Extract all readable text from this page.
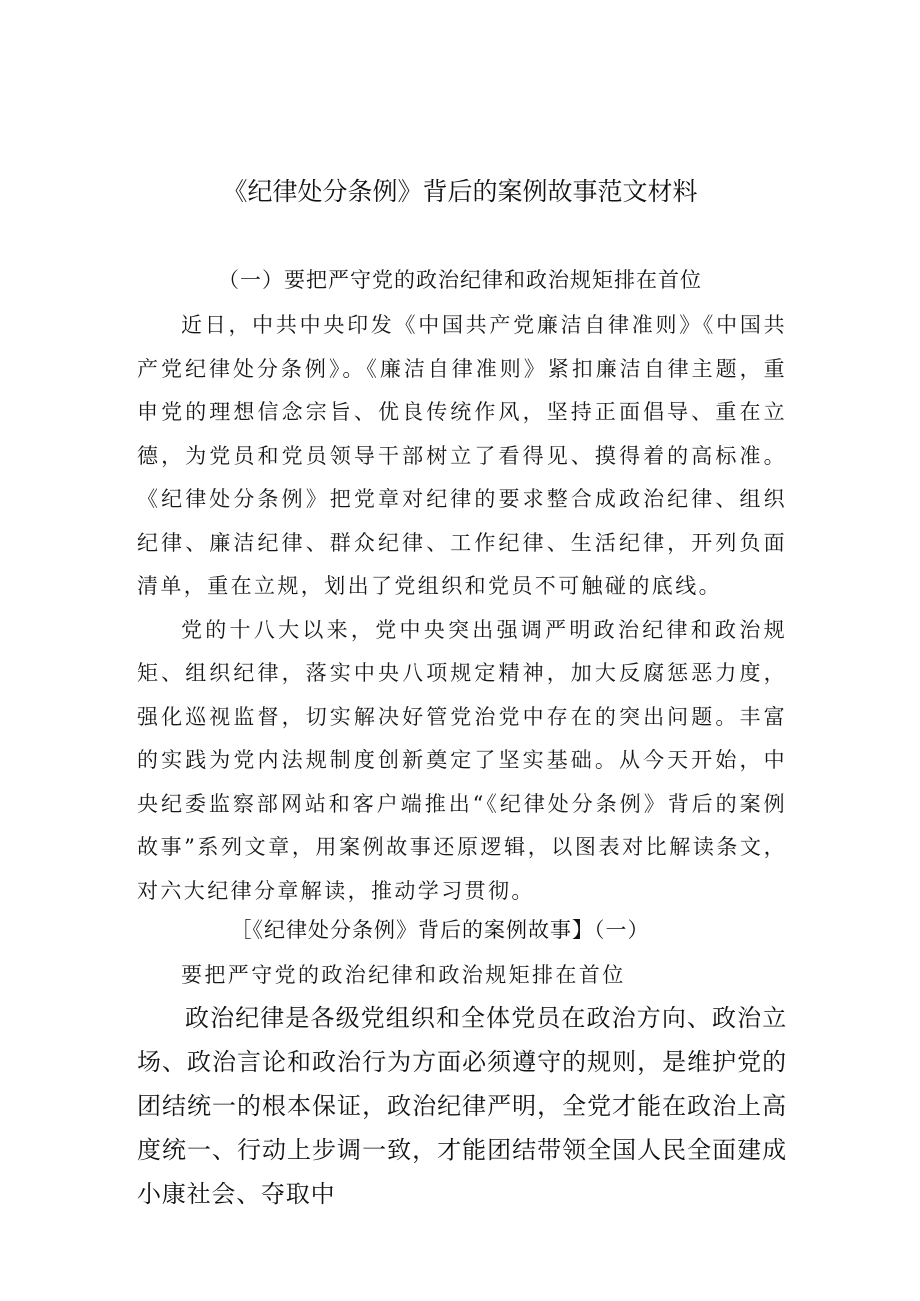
《纪律处分条例》背后的案例故事范文材料
（一）要把严守党的政治纪律和政治规矩排在首位

近日，中共中央印发《中国共产党廉洁自律准则》《中国共产党纪律处分条例》。《廉洁自律准则》紧扣廉洁自律主题，重申党的理想信念宗旨、优良传统作风，坚持正面倡导、重在立德，为党员和党员领导干部树立了看得见、摸得着的高标准。《纪律处分条例》把党章对纪律的要求整合成政治纪律、组织纪律、廉洁纪律、群众纪律、工作纪律、生活纪律，开列负面清单，重在立规，划出了党组织和党员不可触碰的底线。

党的十八大以来，党中央突出强调严明政治纪律和政治规矩、组织纪律，落实中央八项规定精神，加大反腐惩恶力度，强化巡视监督，切实解决好管党治党中存在的突出问题。丰富的实践为党内法规制度创新奠定了坚实基础。从今天开始，中央纪委监察部网站和客户端推出“《纪律处分条例》背后的案例故事”系列文章，用案例故事还原逻辑，以图表对比解读条文，对六大纪律分章解读，推动学习贯彻。

［《纪律处分条例》背后的案例故事】（一）

要把严守党的政治纪律和政治规矩排在首位

政治纪律是各级党组织和全体党员在政治方向、政治立场、政治言论和政治行为方面必须遵守的规则，是维护党的团结统一的根本保证，政治纪律严明，全党才能在政治上高度统一、行动上步调一致，才能团结带领全国人民全面建成小康社会、夺取中
